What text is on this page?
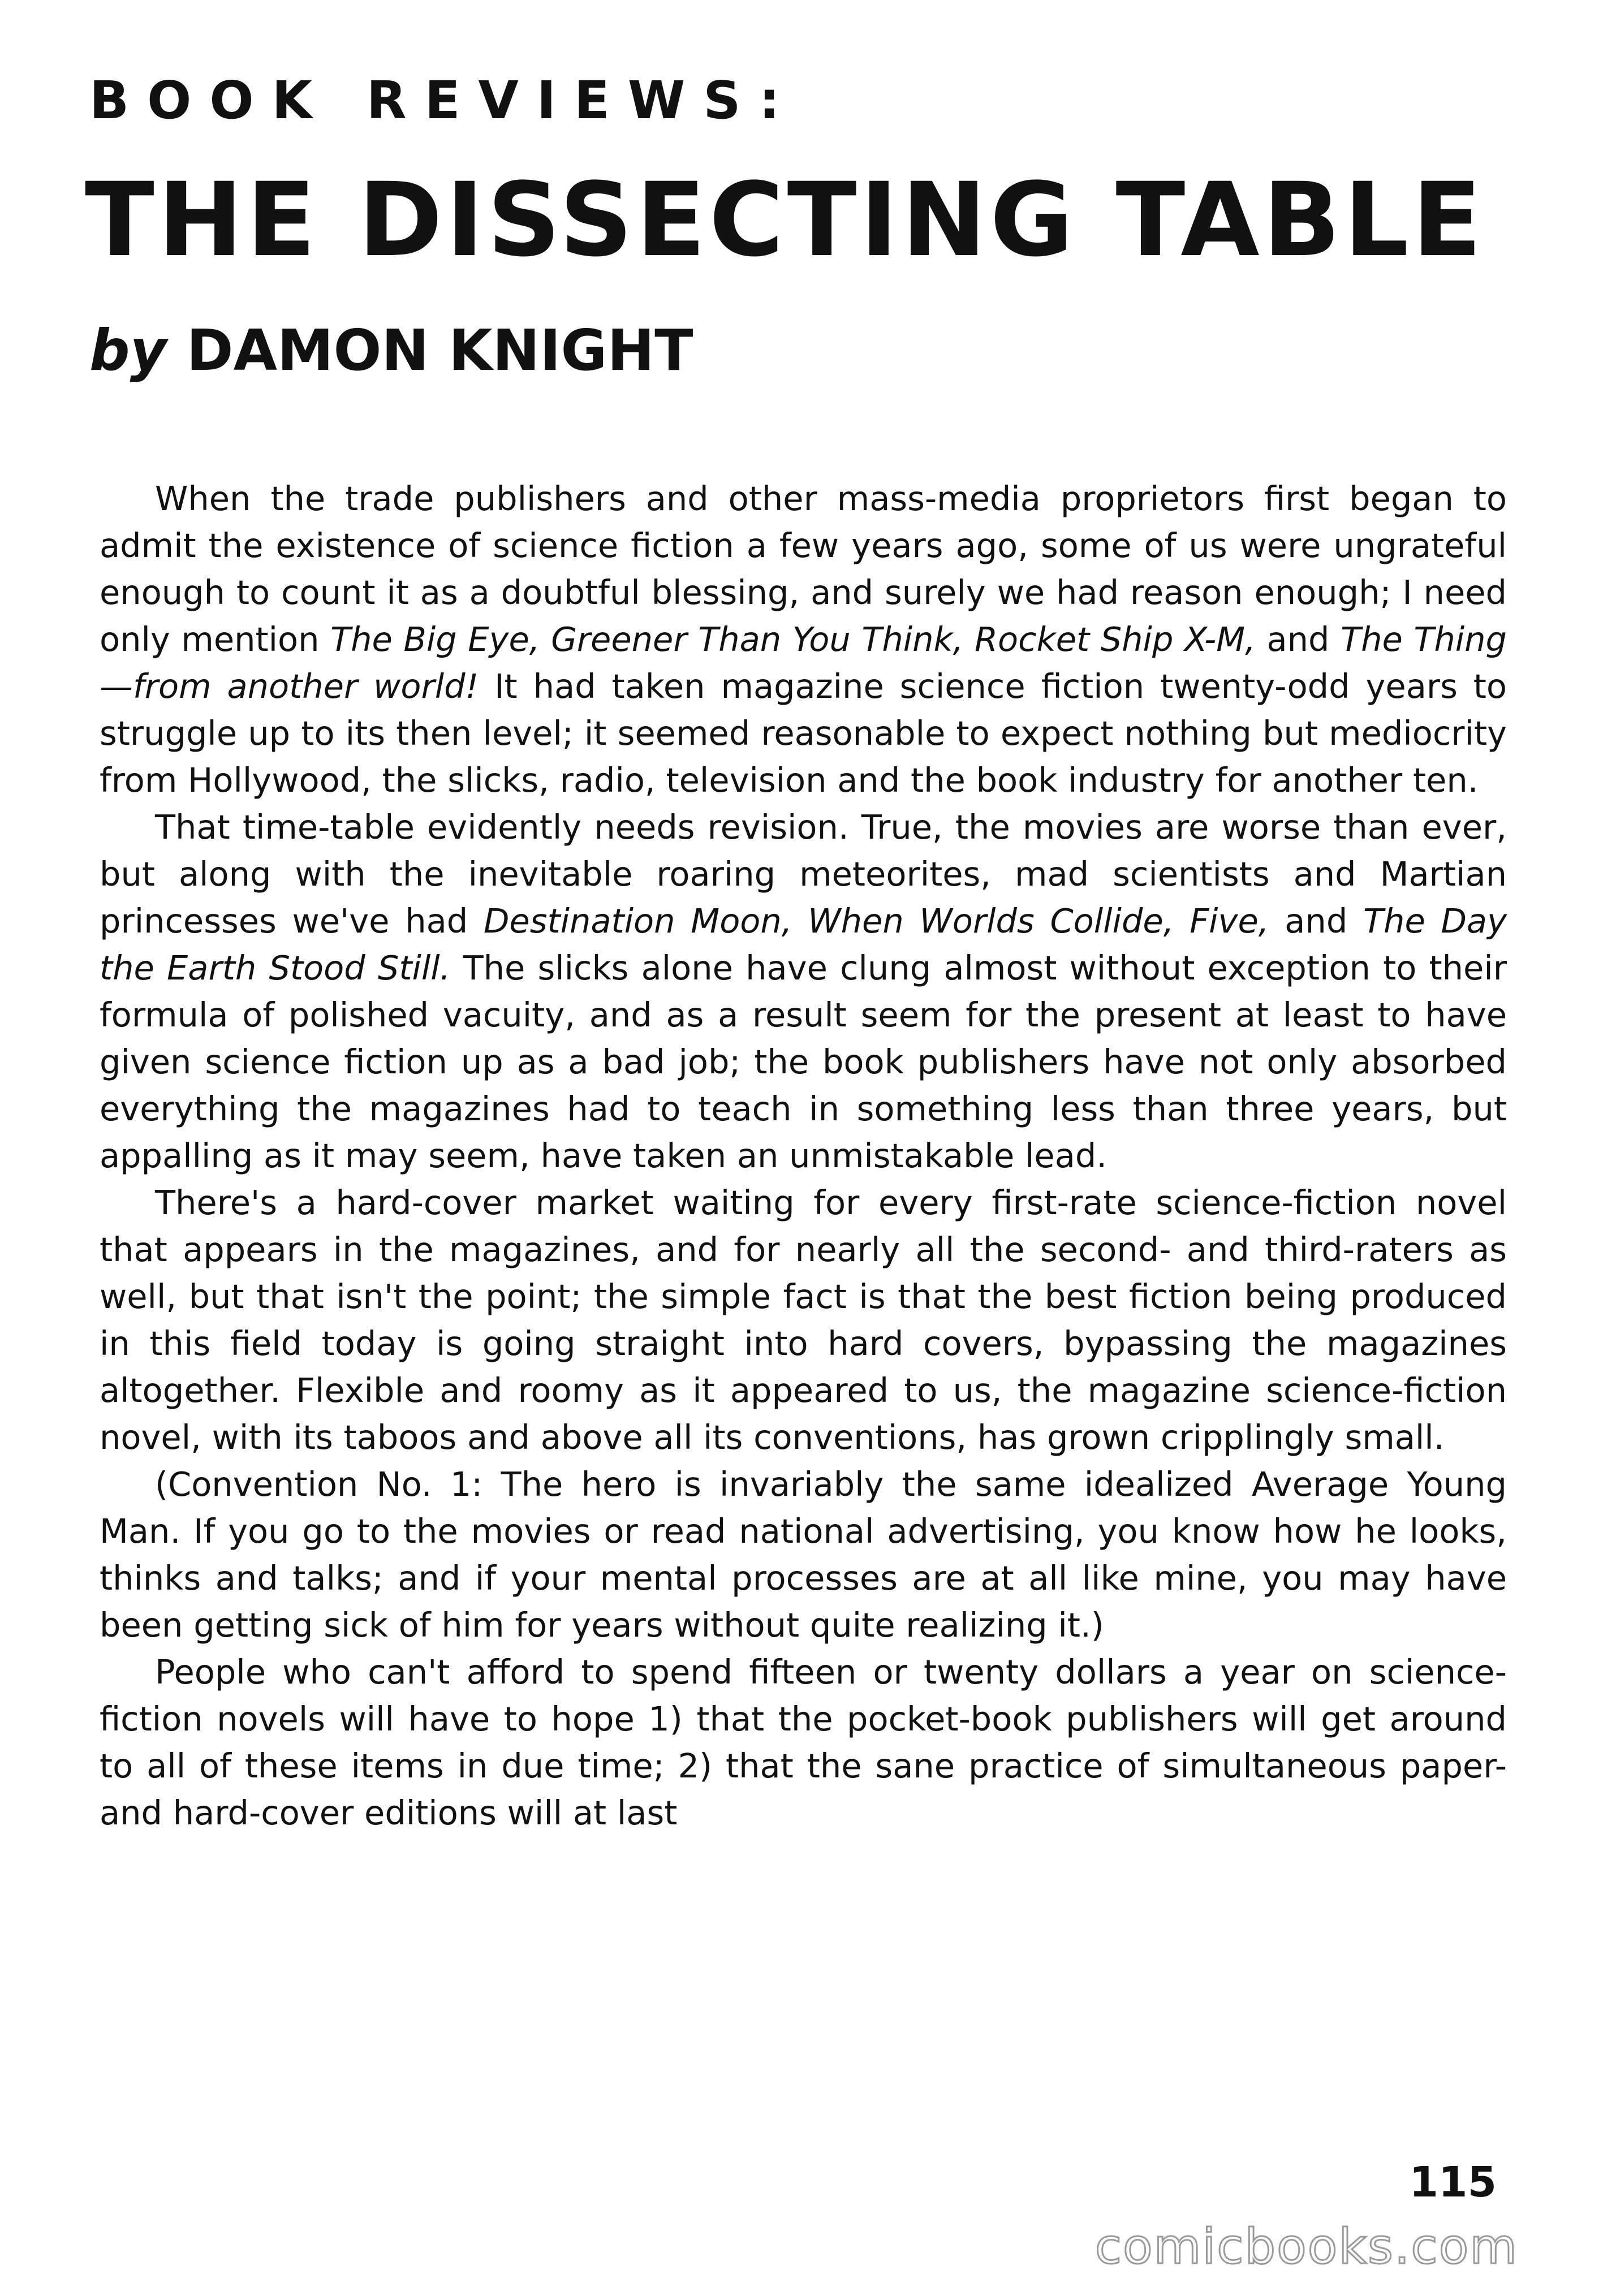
BOOK REVIEWS:
THE DISSECTING TABLE
by DAMON KNIGHT

When the trade publishers and other mass-media proprietors first began to admit the existence of science fiction a few years ago, some of us were ungrateful enough to count it as a doubtful blessing, and surely we had reason enough; I need only mention The Big Eye, Greener Than You Think, Rocket Ship X-M, and The Thing—from another world! It had taken magazine science fiction twenty-odd years to struggle up to its then level; it seemed reasonable to expect nothing but mediocrity from Hollywood, the slicks, radio, television and the book industry for another ten.

That time-table evidently needs revision. True, the movies are worse than ever, but along with the inevitable roaring meteorites, mad scientists and Martian princesses we've had Destination Moon, When Worlds Collide, Five, and The Day the Earth Stood Still. The slicks alone have clung almost without exception to their formula of polished vacuity, and as a result seem for the present at least to have given science fiction up as a bad job; the book publishers have not only absorbed everything the magazines had to teach in something less than three years, but appalling as it may seem, have taken an unmistakable lead.

There's a hard-cover market waiting for every first-rate science-fiction novel that appears in the magazines, and for nearly all the second- and third-raters as well, but that isn't the point; the simple fact is that the best fiction being produced in this field today is going straight into hard covers, bypassing the magazines altogether. Flexible and roomy as it appeared to us, the magazine science-fiction novel, with its taboos and above all its conventions, has grown cripplingly small.

(Convention No. 1: The hero is invariably the same idealized Average Young Man. If you go to the movies or read national advertising, you know how he looks, thinks and talks; and if your mental processes are at all like mine, you may have been getting sick of him for years without quite realizing it.)

People who can't afford to spend fifteen or twenty dollars a year on science-fiction novels will have to hope 1) that the pocket-book publishers will get around to all of these items in due time; 2) that the sane practice of simultaneous paper- and hard-cover editions will at last

115
comicbooks.com
